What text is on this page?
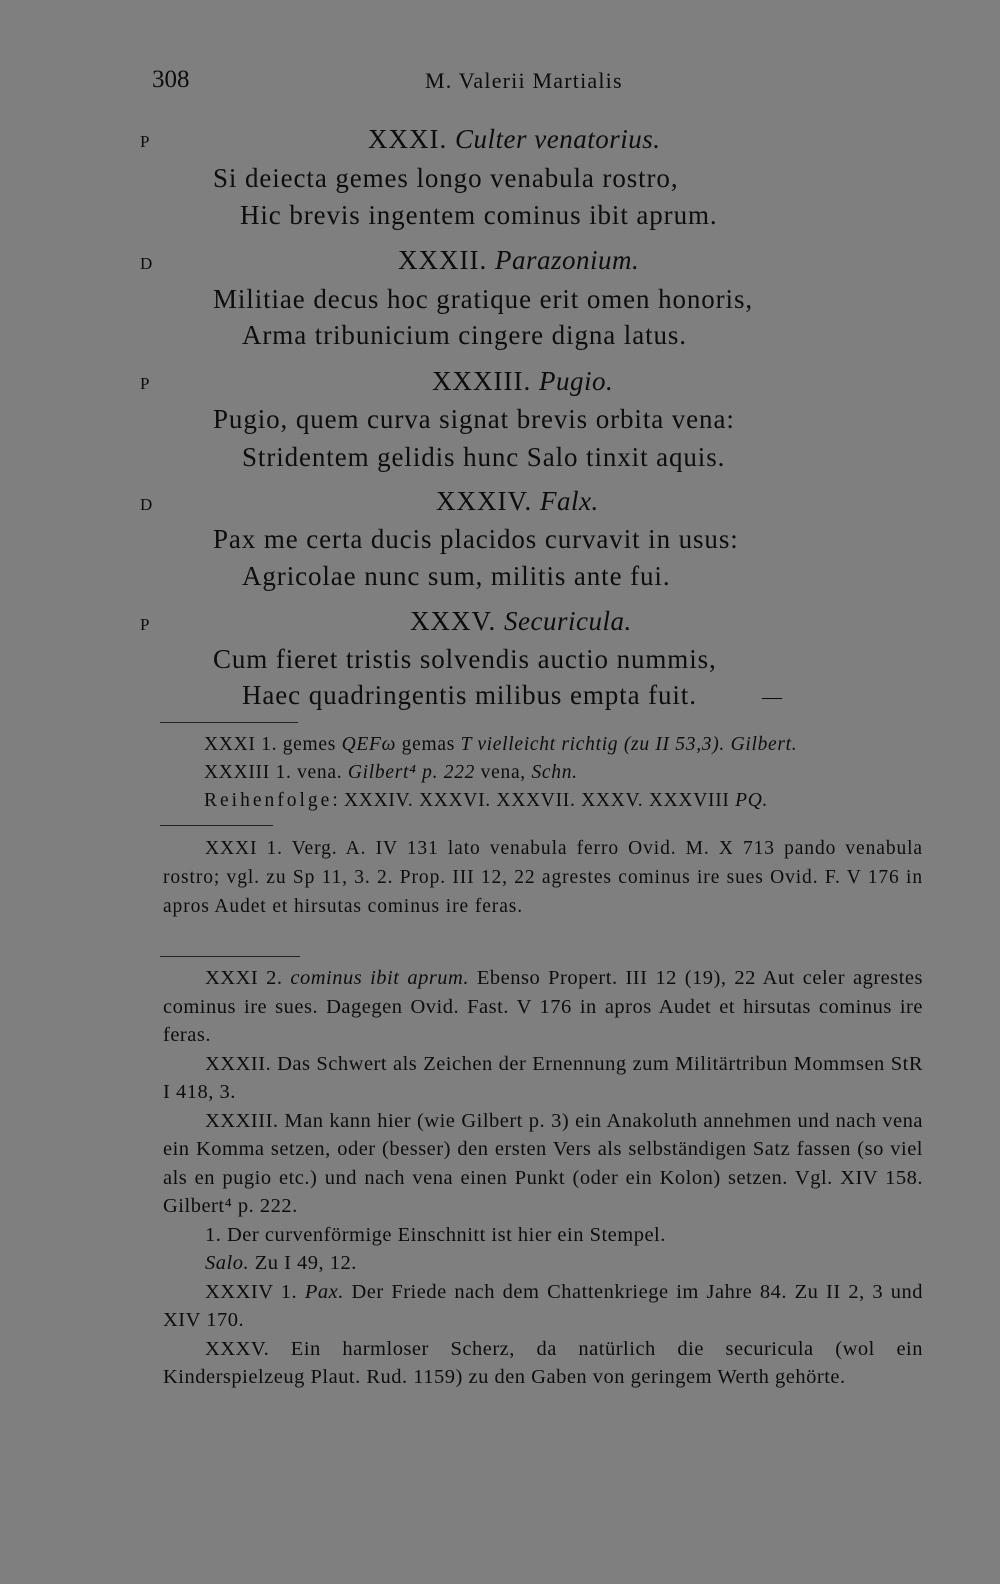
308	M. Valerii Martialis
P	XXXI. Culter venatorius.
Si deiecta gemes longo venabula rostro,
Hic brevis ingentem cominus ibit aprum.
D	XXXII. Parazonium.
Militiae decus hoc gratique erit omen honoris,
Arma tribunicium cingere digna latus.
P	XXXIII. Pugio.
Pugio, quem curva signat brevis orbita vena:
Stridentem gelidis hunc Salo tinxit aquis.
D	XXXIV. Falx.
Pax me certa ducis placidos curvavit in usus:
Agricolae nunc sum, militis ante fui.
P	XXXV. Securicula.
Cum fieret tristis solvendis auctio nummis,
Haec quadringentis milibus empta fuit.	—
XXXI 1. gemes QEFω gemas T vielleicht richtig (zu II 53,3). Gilbert.
XXXIII 1. vena. Gilbert⁴ p. 222 vena, Schn.
Reihenfolge: XXXIV. XXXVI. XXXVII. XXXV. XXXVIII PQ.

XXXI 1. Verg. A. IV 131 lato venabula ferro Ovid. M. X 713 pando venabula rostro; vgl. zu Sp 11, 3. 2. Prop. III 12, 22 agrestes cominus ire sues Ovid. F. V 176 in apros Audet et hirsutas cominus ire feras.

XXXI 2. cominus ibit aprum. Ebenso Propert. III 12 (19), 22 Aut celer agrestes cominus ire sues. Dagegen Ovid. Fast. V 176 in apros Audet et hirsutas cominus ire feras.

XXXII. Das Schwert als Zeichen der Ernennung zum Militärtribun Mommsen StR I 418, 3.

XXXIII. Man kann hier (wie Gilbert p. 3) ein Anakoluth annehmen und nach vena ein Komma setzen, oder (besser) den ersten Vers als selbständigen Satz fassen (so viel als en pugio etc.) und nach vena einen Punkt (oder ein Kolon) setzen. Vgl. XIV 158. Gilbert⁴ p. 222.

1. Der curvenförmige Einschnitt ist hier ein Stempel.

Salo. Zu I 49, 12.

XXXIV 1. Pax. Der Friede nach dem Chattenkriege im Jahre 84. Zu II 2, 3 und XIV 170.

XXXV. Ein harmloser Scherz, da natürlich die securicula (wol ein Kinderspielzeug Plaut. Rud. 1159) zu den Gaben von geringem Werth gehörte.
